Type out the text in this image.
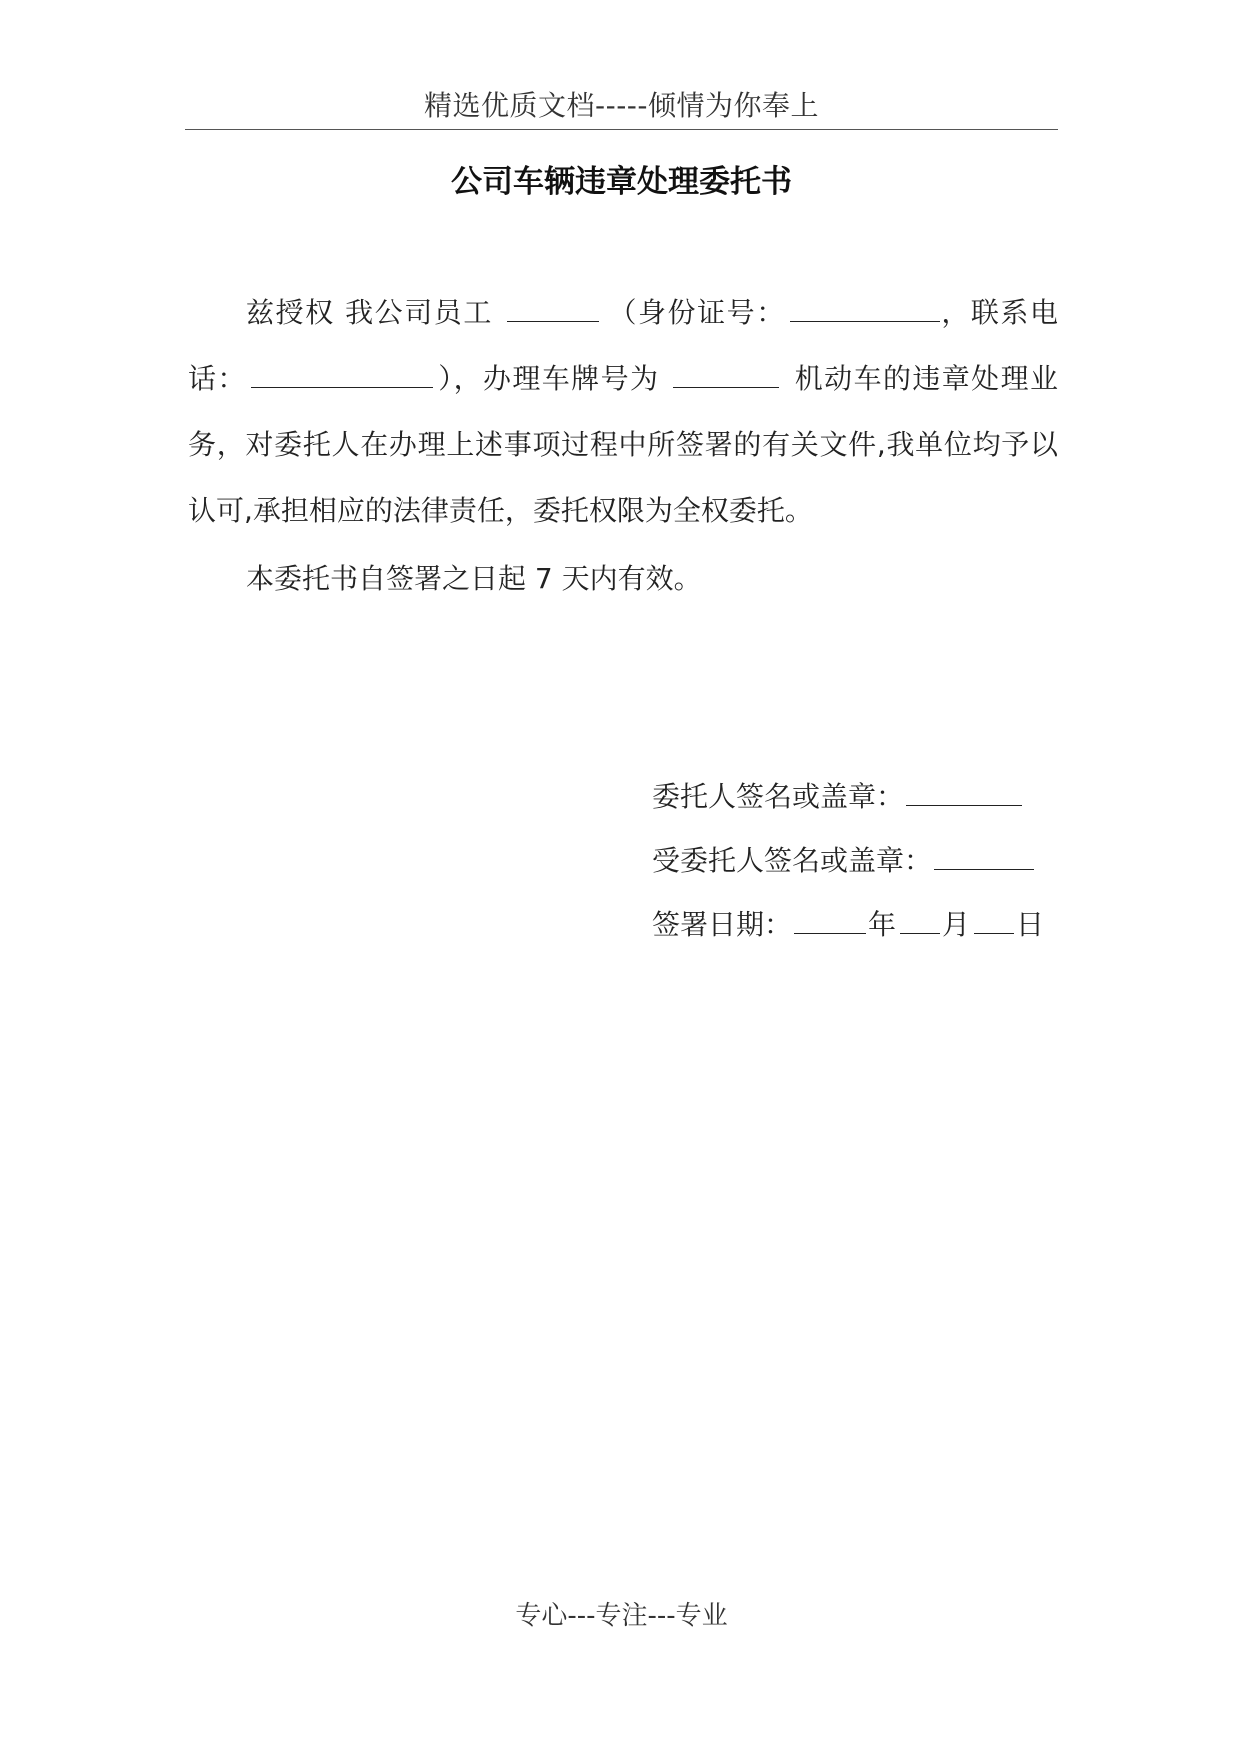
精选优质文档-----倾情为你奉上
公司车辆违章处理委托书
兹授权 我公司员工	（身份证号：	，联系电话：	），办理车牌号为	机动车的违章处理业务，对委托人在办理上述事项过程中所签署的有关文件,我单位均予以认可,承担相应的法律责任，委托权限为全权委托。
本委托书自签署之日起 7 天内有效。
委托人签名或盖章：
受委托人签名或盖章：
签署日期：	年 月 日
专心---专注---专业
